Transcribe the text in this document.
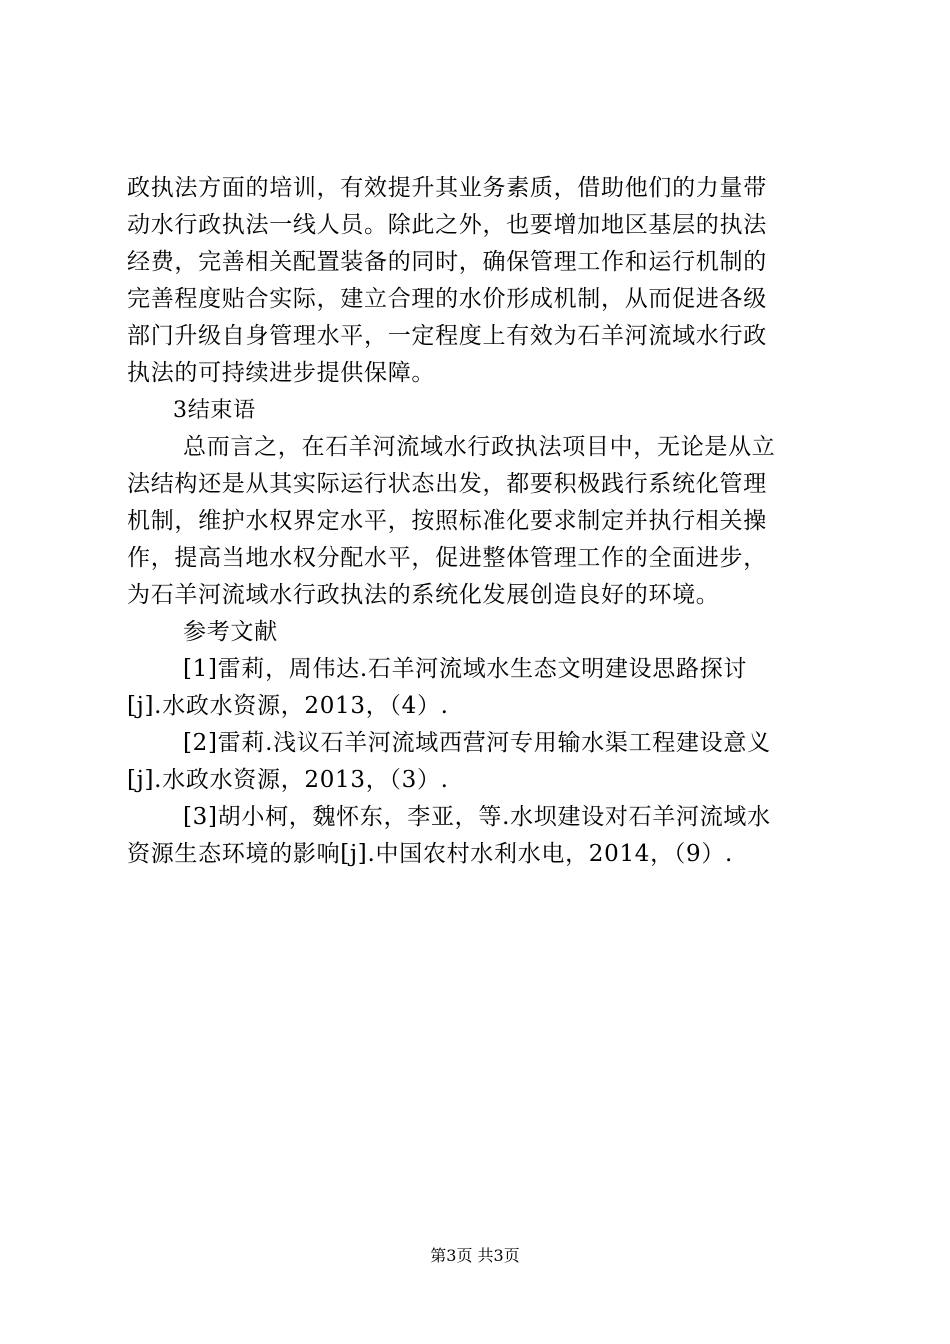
政执法方面的培训，有效提升其业务素质，借助他们的力量带
动水行政执法一线人员。除此之外，也要增加地区基层的执法
经费，完善相关配置装备的同时，确保管理工作和运行机制的
完善程度贴合实际，建立合理的水价形成机制，从而促进各级
部门升级自身管理水平，一定程度上有效为石羊河流域水行政
执法的可持续进步提供保障。
3结束语
总而言之，在石羊河流域水行政执法项目中，无论是从立
法结构还是从其实际运行状态出发，都要积极践行系统化管理
机制，维护水权界定水平，按照标准化要求制定并执行相关操
作，提高当地水权分配水平，促进整体管理工作的全面进步，
为石羊河流域水行政执法的系统化发展创造良好的环境。
参考文献
[1]雷莉，周伟达.石羊河流域水生态文明建设思路探讨
[j].水政水资源，2013，（4）.
[2]雷莉.浅议石羊河流域西营河专用输水渠工程建设意义
[j].水政水资源，2013，（3）.
[3]胡小柯，魏怀东，李亚，等.水坝建设对石羊河流域水
资源生态环境的影响[j].中国农村水利水电，2014，（9）.
第3页 共3页
